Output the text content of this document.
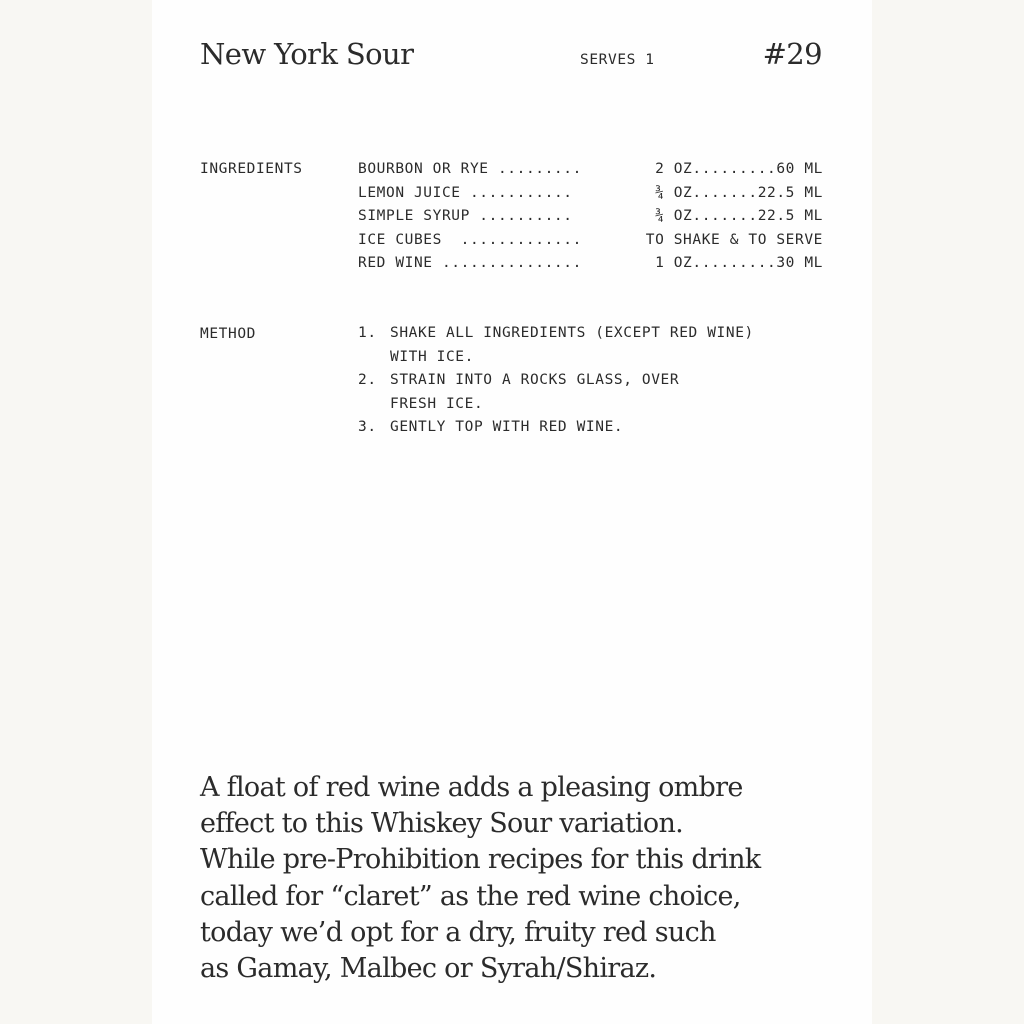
New York Sour	SERVES 1	#29
INGREDIENTS	BOURBON OR RYE .........	2 OZ.........60 ML
LEMON JUICE ...........	¾ OZ.......22.5 ML
SIMPLE SYRUP ..........	¾ OZ.......22.5 ML
ICE CUBES .............	TO SHAKE & TO SERVE
RED WINE ...............	1 OZ.........30 ML
METHOD	1. SHAKE ALL INGREDIENTS (EXCEPT RED WINE)
WITH ICE.
2. STRAIN INTO A ROCKS GLASS, OVER
FRESH ICE.
3. GENTLY TOP WITH RED WINE.

A float of red wine adds a pleasing ombre
effect to this Whiskey Sour variation.
While pre-Prohibition recipes for this drink
called for “claret” as the red wine choice,
today we’d opt for a dry, fruity red such
as Gamay, Malbec or Syrah/Shiraz.
